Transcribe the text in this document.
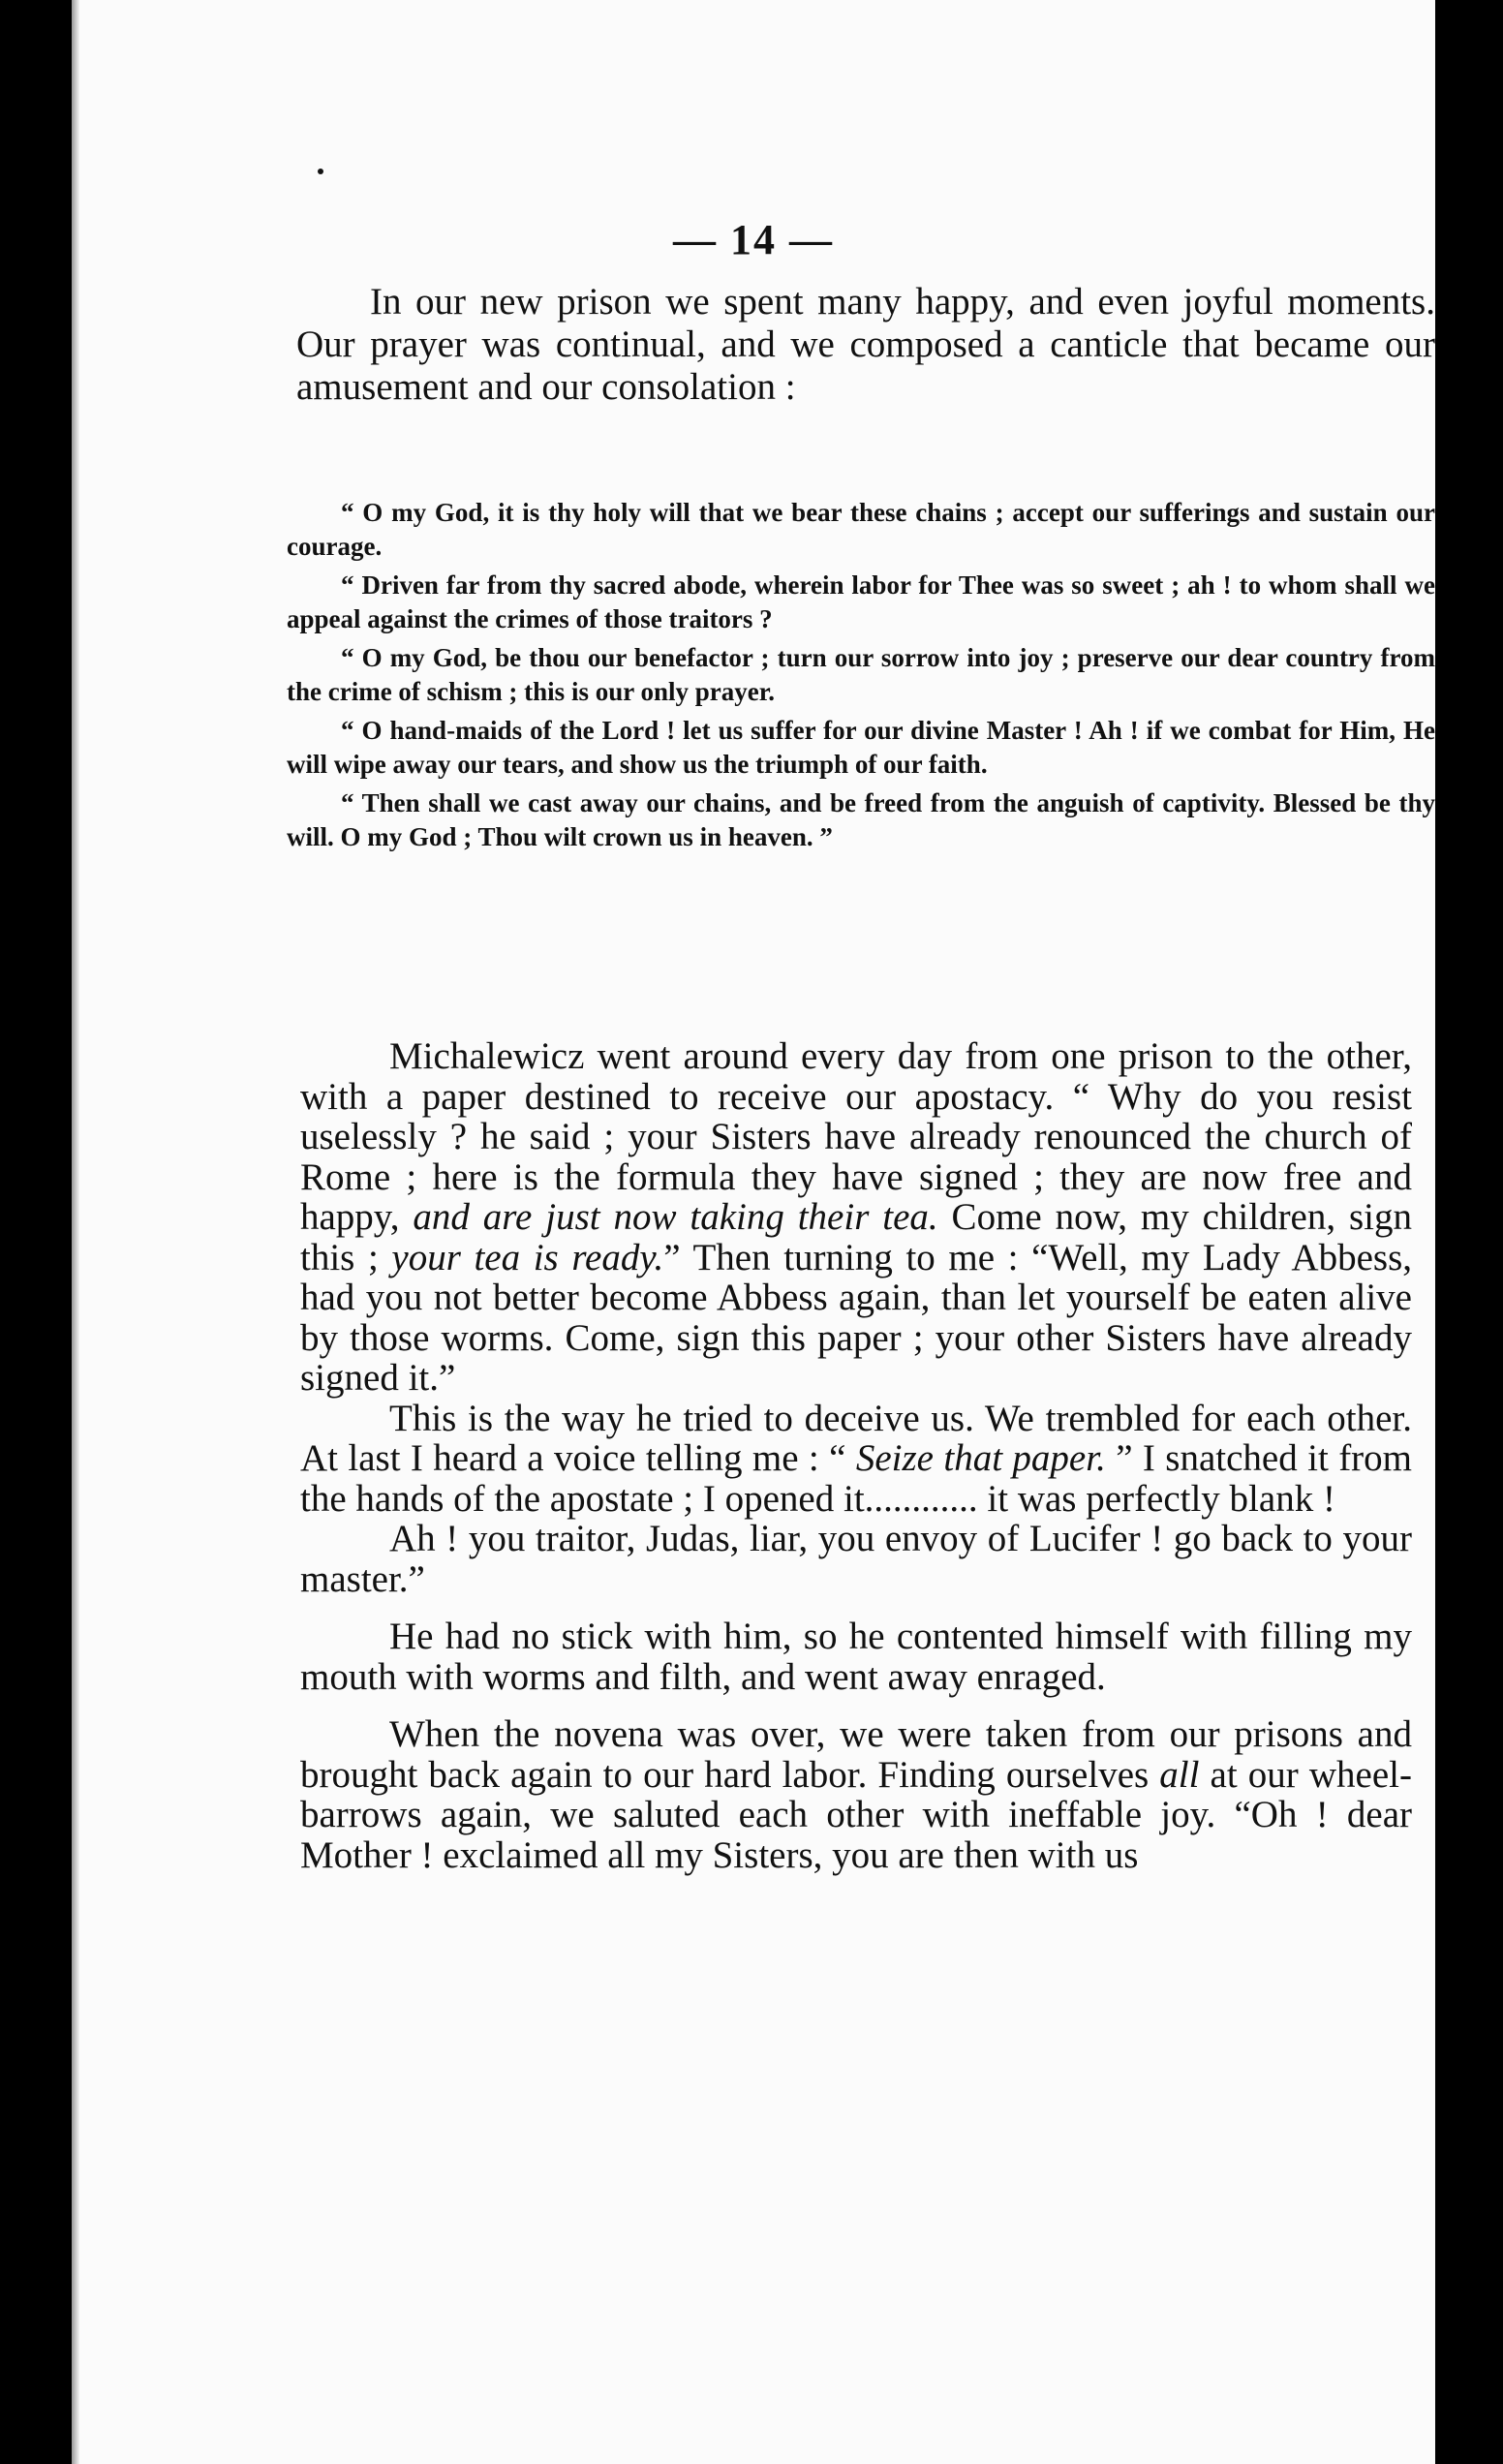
— 14 —

In our new prison we spent many happy, and even joyful moments. Our prayer was continual, and we composed a canticle that became our amusement and our consolation :

“ O my God, it is thy holy will that we bear these chains ; accept our sufferings and sustain our courage.

“ Driven far from thy sacred abode, wherein labor for Thee was so sweet ; ah ! to whom shall we appeal against the crimes of those traitors ?

“ O my God, be thou our benefactor ; turn our sorrow into joy ; preserve our dear country from the crime of schism ; this is our only prayer.

“ O hand-maids of the Lord ! let us suffer for our divine Master ! Ah ! if we combat for Him, He will wipe away our tears, and show us the triumph of our faith.

“ Then shall we cast away our chains, and be freed from the anguish of captivity. Blessed be thy will. O my God ; Thou wilt crown us in heaven. ”

Michalewicz went around every day from one prison to the other, with a paper destined to receive our apostacy. “ Why do you resist uselessly ? he said ; your Sisters have already renounced the church of Rome ; here is the formula they have signed ; they are now free and happy, and are just now taking their tea. Come now, my children, sign this ; your tea is ready.” Then turning to me : “Well, my Lady Abbess, had you not better become Abbess again, than let yourself be eaten alive by those worms. Come, sign this paper ; your other Sisters have already signed it.”

This is the way he tried to deceive us. We trembled for each other. At last I heard a voice telling me : “ Seize that paper. ” I snatched it from the hands of the apostate ; I opened it............ it was perfectly blank !

Ah ! you traitor, Judas, liar, you envoy of Lucifer ! go back to your master.”

He had no stick with him, so he contented himself with filling my mouth with worms and filth, and went away enraged.

When the novena was over, we were taken from our prisons and brought back again to our hard labor. Finding ourselves all at our wheel-barrows again, we saluted each other with ineffable joy. “Oh ! dear Mother ! exclaimed all my Sisters, you are then with us
